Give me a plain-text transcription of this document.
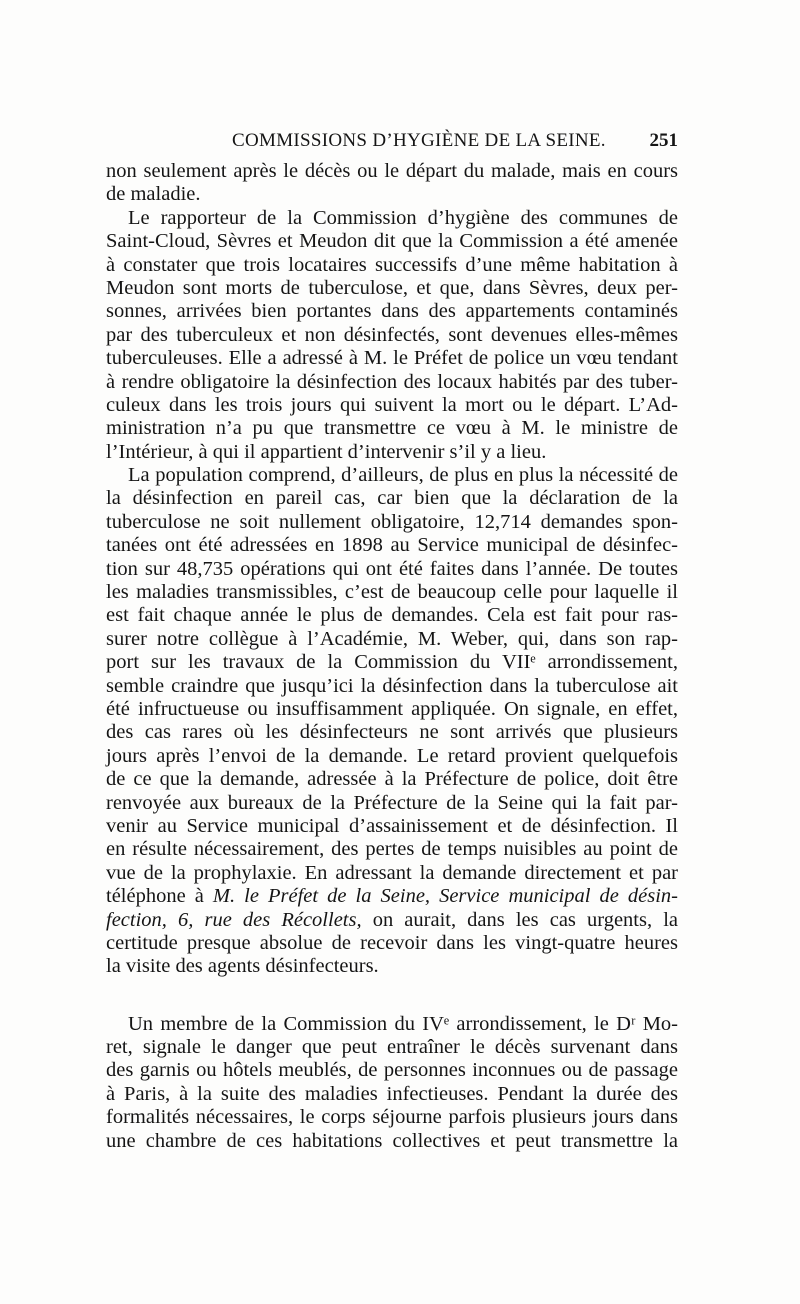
COMMISSIONS D’HYGIÈNE DE LA SEINE. 251
non seulement après le décès ou le départ du malade, mais en cours
de maladie.
Le rapporteur de la Commission d’hygiène des communes de
Saint-Cloud, Sèvres et Meudon dit que la Commission a été amenée
à constater que trois locataires successifs d’une même habitation à
Meudon sont morts de tuberculose, et que, dans Sèvres, deux per-
sonnes, arrivées bien portantes dans des appartements contaminés
par des tuberculeux et non désinfectés, sont devenues elles-mêmes
tuberculeuses. Elle a adressé à M. le Préfet de police un vœu tendant
à rendre obligatoire la désinfection des locaux habités par des tuber-
culeux dans les trois jours qui suivent la mort ou le départ. L’Ad-
ministration n’a pu que transmettre ce vœu à M. le ministre de
l’Intérieur, à qui il appartient d’intervenir s’il y a lieu.
La population comprend, d’ailleurs, de plus en plus la nécessité de
la désinfection en pareil cas, car bien que la déclaration de la
tuberculose ne soit nullement obligatoire, 12,714 demandes spon-
tanées ont été adressées en 1898 au Service municipal de désinfec-
tion sur 48,735 opérations qui ont été faites dans l’année. De toutes
les maladies transmissibles, c’est de beaucoup celle pour laquelle il
est fait chaque année le plus de demandes. Cela est fait pour ras-
surer notre collègue à l’Académie, M. Weber, qui, dans son rap-
port sur les travaux de la Commission du VIIᵉ arrondissement,
semble craindre que jusqu’ici la désinfection dans la tuberculose ait
été infructueuse ou insuffisamment appliquée. On signale, en effet,
des cas rares où les désinfecteurs ne sont arrivés que plusieurs
jours après l’envoi de la demande. Le retard provient quelquefois
de ce que la demande, adressée à la Préfecture de police, doit être
renvoyée aux bureaux de la Préfecture de la Seine qui la fait par-
venir au Service municipal d’assainissement et de désinfection. Il
en résulte nécessairement, des pertes de temps nuisibles au point de
vue de la prophylaxie. En adressant la demande directement et par
téléphone à M. le Préfet de la Seine, Service municipal de désin-
fection, 6, rue des Récollets, on aurait, dans les cas urgents, la
certitude presque absolue de recevoir dans les vingt-quatre heures
la visite des agents désinfecteurs.
Un membre de la Commission du IVᵉ arrondissement, le Dʳ Mo-
ret, signale le danger que peut entraîner le décès survenant dans
des garnis ou hôtels meublés, de personnes inconnues ou de passage
à Paris, à la suite des maladies infectieuses. Pendant la durée des
formalités nécessaires, le corps séjourne parfois plusieurs jours dans
une chambre de ces habitations collectives et peut transmettre la
